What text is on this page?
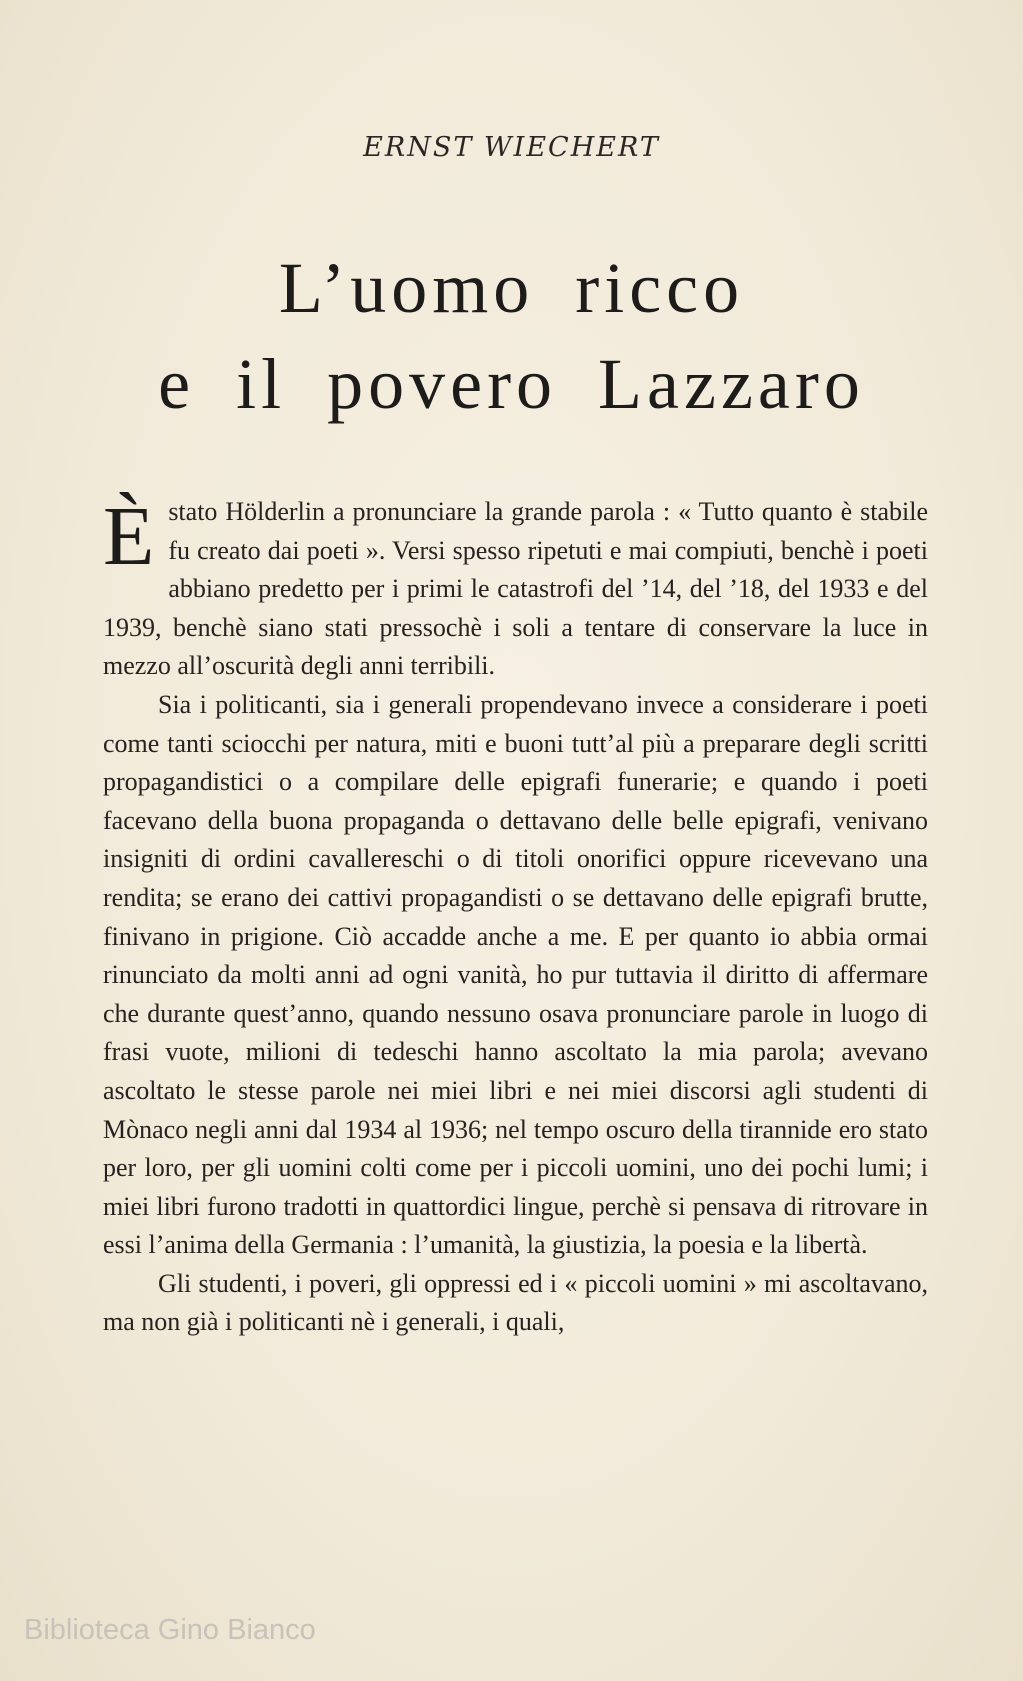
ERNST WIECHERT
L’uomo ricco
e il povero Lazzaro

Èstato Hölderlin a pronunciare la grande parola : « Tutto quanto è stabile fu creato dai poeti ». Versi spesso ripetuti e mai compiuti, benchè i poeti abbiano predetto per i primi le catastrofi del ’14, del ’18, del 1933 e del 1939, benchè siano stati pressochè i soli a tentare di conservare la luce in mezzo all’oscurità degli anni terribili.

Sia i politicanti, sia i generali propendevano invece a considerare i poeti come tanti sciocchi per natura, miti e buoni tutt’al più a preparare degli scritti propagandistici o a compilare delle epigrafi funerarie; e quando i poeti facevano della buona propaganda o dettavano delle belle epigrafi, venivano insigniti di ordini cavallereschi o di titoli onorifici oppure ricevevano una rendita; se erano dei cattivi propagandisti o se dettavano delle epigrafi brutte, finivano in prigione. Ciò accadde anche a me. E per quanto io abbia ormai rinunciato da molti anni ad ogni vanità, ho pur tuttavia il diritto di affermare che durante quest’anno, quando nessuno osava pronunciare parole in luogo di frasi vuote, milioni di tedeschi hanno ascoltato la mia parola; avevano ascoltato le stesse parole nei miei libri e nei miei discorsi agli studenti di Mònaco negli anni dal 1934 al 1936; nel tempo oscuro della tirannide ero stato per loro, per gli uomini colti come per i piccoli uomini, uno dei pochi lumi; i miei libri furono tradotti in quattordici lingue, perchè si pensava di ritrovare in essi l’anima della Germania : l’umanità, la giustizia, la poesia e la libertà.

Gli studenti, i poveri, gli oppressi ed i « piccoli uomini » mi ascoltavano, ma non già i politicanti nè i generali, i quali,

Biblioteca Gino Bianco
